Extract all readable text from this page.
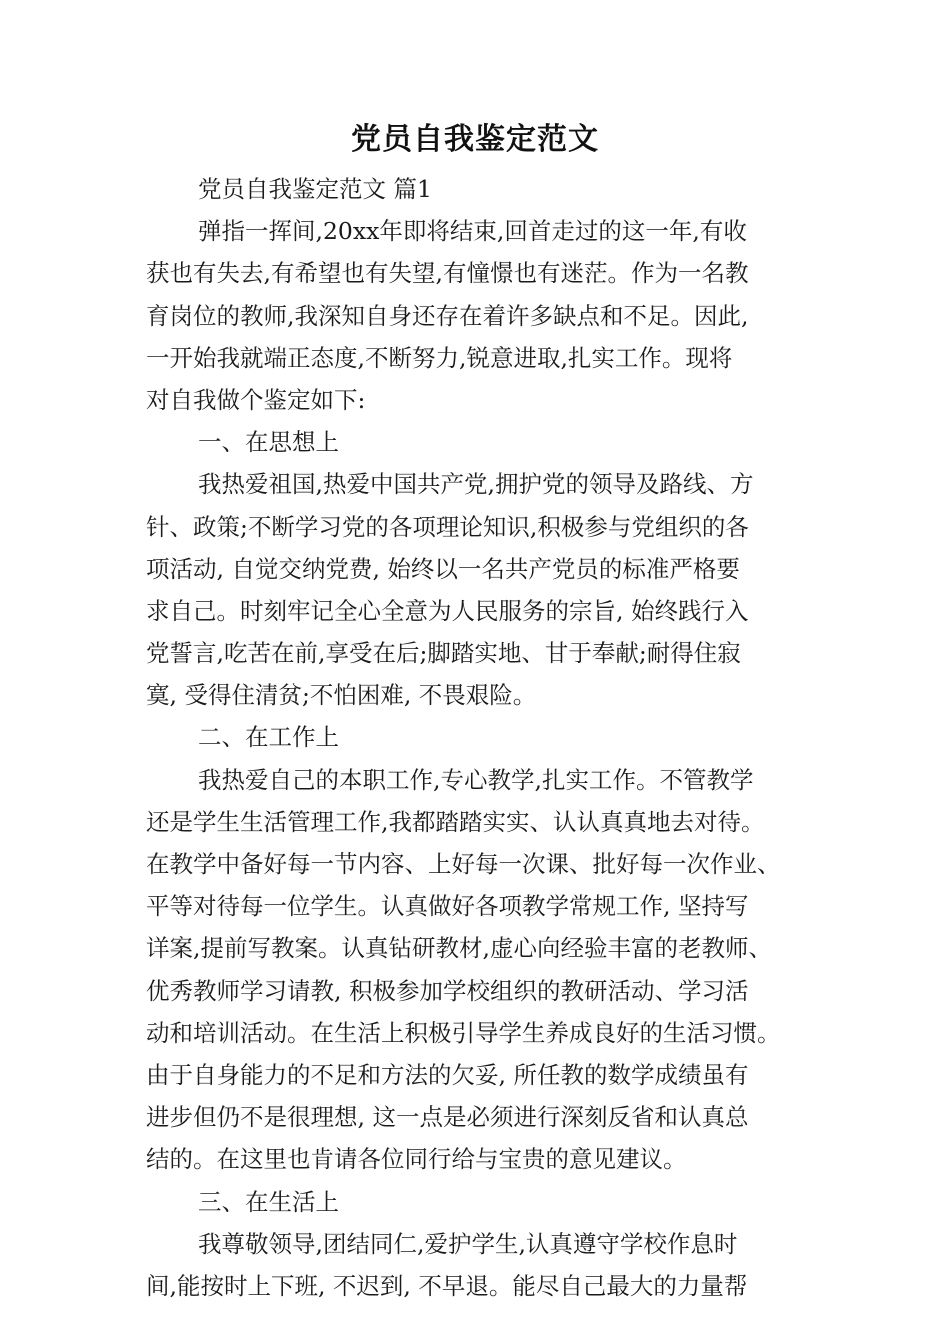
党员自我鉴定范文
党员自我鉴定范文 篇1
弹指一挥间,20xx年即将结束,回首走过的这一年,有收
获也有失去,有希望也有失望,有憧憬也有迷茫。作为一名教
育岗位的教师,我深知自身还存在着许多缺点和不足。因此,
一开始我就端正态度,不断努力,锐意进取,扎实工作。现将
对自我做个鉴定如下:
一、在思想上
我热爱祖国,热爱中国共产党,拥护党的领导及路线、方
针、政策;不断学习党的各项理论知识,积极参与党组织的各
项活动, 自觉交纳党费, 始终以一名共产党员的标准严格要
求自己。时刻牢记全心全意为人民服务的宗旨, 始终践行入
党誓言,吃苦在前,享受在后;脚踏实地、甘于奉献;耐得住寂
寞, 受得住清贫;不怕困难, 不畏艰险。
二、在工作上
我热爱自己的本职工作,专心教学,扎实工作。不管教学
还是学生生活管理工作,我都踏踏实实、认认真真地去对待。
在教学中备好每一节内容、上好每一次课、批好每一次作业、
平等对待每一位学生。认真做好各项教学常规工作, 坚持写
详案,提前写教案。认真钻研教材,虚心向经验丰富的老教师、
优秀教师学习请教, 积极参加学校组织的教研活动、学习活
动和培训活动。在生活上积极引导学生养成良好的生活习惯。
由于自身能力的不足和方法的欠妥, 所任教的数学成绩虽有
进步但仍不是很理想, 这一点是必须进行深刻反省和认真总
结的。在这里也肯请各位同行给与宝贵的意见建议。
三、在生活上
我尊敬领导,团结同仁,爱护学生,认真遵守学校作息时
间,能按时上下班, 不迟到, 不早退。能尽自己最大的力量帮
